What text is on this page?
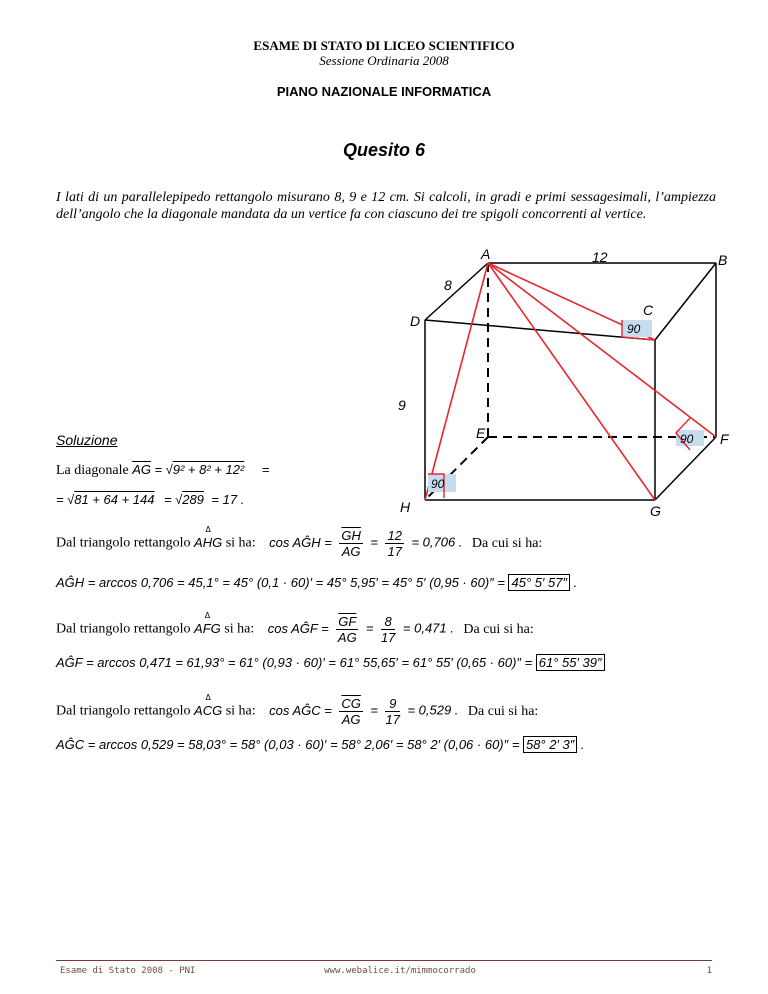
ESAME DI STATO DI LICEO SCIENTIFICO
Sessione Ordinaria 2008
PIANO NAZIONALE INFORMATICA
Quesito 6
I lati di un parallelepipedo rettangolo misurano 8, 9 e 12 cm. Si calcoli, in gradi e primi sessagesimali, l’ampiezza dell’angolo che la diagonale mandata da un vertice fa con ciascuno dei tre spigoli concorrenti al vertice.
A	B
C
D
E	F
G
H
12
8
9
90
90
90
Soluzione
La diagonale $\overline{AG} = √9^2 + 8^2 + 12^2$ =
= √81 + 64 + 144 = √289 = 17 .
Dal triangolo rettangolo Δ AHG si ha: cos AĜH = $\frac{\overline{GH}}{AG} = \frac{12}{17} = 0,706$ . Da cui si ha:
AĜH = arccos 0,706 = 45,1° = 45° (0,1 · 60)′ = 45° 5,95′ = 45° 5′ (0,95 · 60)″ = 45° 5′ 57″ .
Dal triangolo rettangolo Δ AFG si ha: cos AĜF = $\frac{\overline{GF}}{AG} = \frac{8}{17} = 0,471$ . Da cui si ha:
AĜF = arccos 0,471 = 61,93° = 61° (0,93 · 60)′ = 61° 55,65′ = 61° 55′ (0,65 · 60)″ = 61° 55′ 39″
Dal triangolo rettangolo Δ ACG si ha: cos AĜC = $\frac{\overline{CG}}{AG} = \frac{9}{17} = 0,529$ . Da cui si ha:
AĜC = arccos 0,529 = 58,03° = 58° (0,03 · 60)′ = 58° 2,06′ = 58° 2′ (0,06 · 60)″ = 58° 2′ 3″ .
Esame di Stato 2008 - PNI	www.webalice.it/mimmocorrado	1
